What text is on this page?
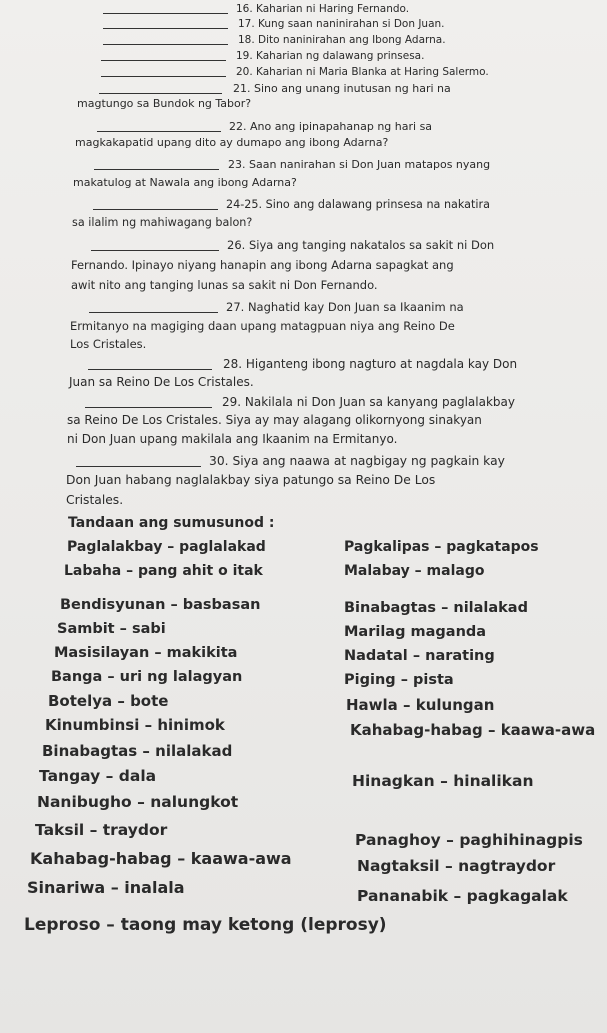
16. Kaharian ni Haring Fernando.
17. Kung saan naninirahan si Don Juan.
18. Dito naninirahan ang Ibong Adarna.
19. Kaharian ng dalawang prinsesa.
20. Kaharian ni Maria Blanka at Haring Salermo.
21. Sino ang unang inutusan ng hari na
magtungo sa Bundok ng Tabor?
22. Ano ang ipinapahanap ng hari sa
magkakapatid upang dito ay dumapo ang ibong Adarna?
23. Saan nanirahan si Don Juan matapos nyang
makatulog at Nawala ang ibong Adarna?
24-25. Sino ang dalawang prinsesa na nakatira
sa ilalim ng mahiwagang balon?
26. Siya ang tanging nakatalos sa sakit ni Don
Fernando. Ipinayo niyang hanapin ang ibong Adarna sapagkat ang
awit nito ang tanging lunas sa sakit ni Don Fernando.
27. Naghatid kay Don Juan sa Ikaanim na
Ermitanyo na magiging daan upang matagpuan niya ang Reino De
Los Cristales.
28. Higanteng ibong nagturo at nagdala kay Don
Juan sa Reino De Los Cristales.
29. Nakilala ni Don Juan sa kanyang paglalakbay
sa Reino De Los Cristales. Siya ay may alagang olikornyong sinakyan
ni Don Juan upang makilala ang Ikaanim na Ermitanyo.
30. Siya ang naawa at nagbigay ng pagkain kay
Don Juan habang naglalakbay siya patungo sa Reino De Los
Cristales.
Tandaan ang sumusunod :
Paglalakbay – paglalakad
Labaha – pang ahit o itak
Bendisyunan – basbasan
Sambit – sabi
Masisilayan – makikita
Banga – uri ng lalagyan
Botelya – bote
Kinumbinsi – hinimok
Binabagtas – nilalakad
Tangay – dala
Nanibugho – nalungkot
Taksil – traydor
Kahabag-habag – kaawa-awa
Sinariwa – inalala
Leproso – taong may ketong (leprosy)
Pagkalipas – pagkatapos
Malabay – malago
Binabagtas – nilalakad
Marilag maganda
Nadatal – narating
Piging – pista
Hawla – kulungan
Kahabag-habag – kaawa-awa
Hinagkan – hinalikan
Panaghoy – paghihinagpis
Nagtaksil – nagtraydor
Pananabik – pagkagalak
